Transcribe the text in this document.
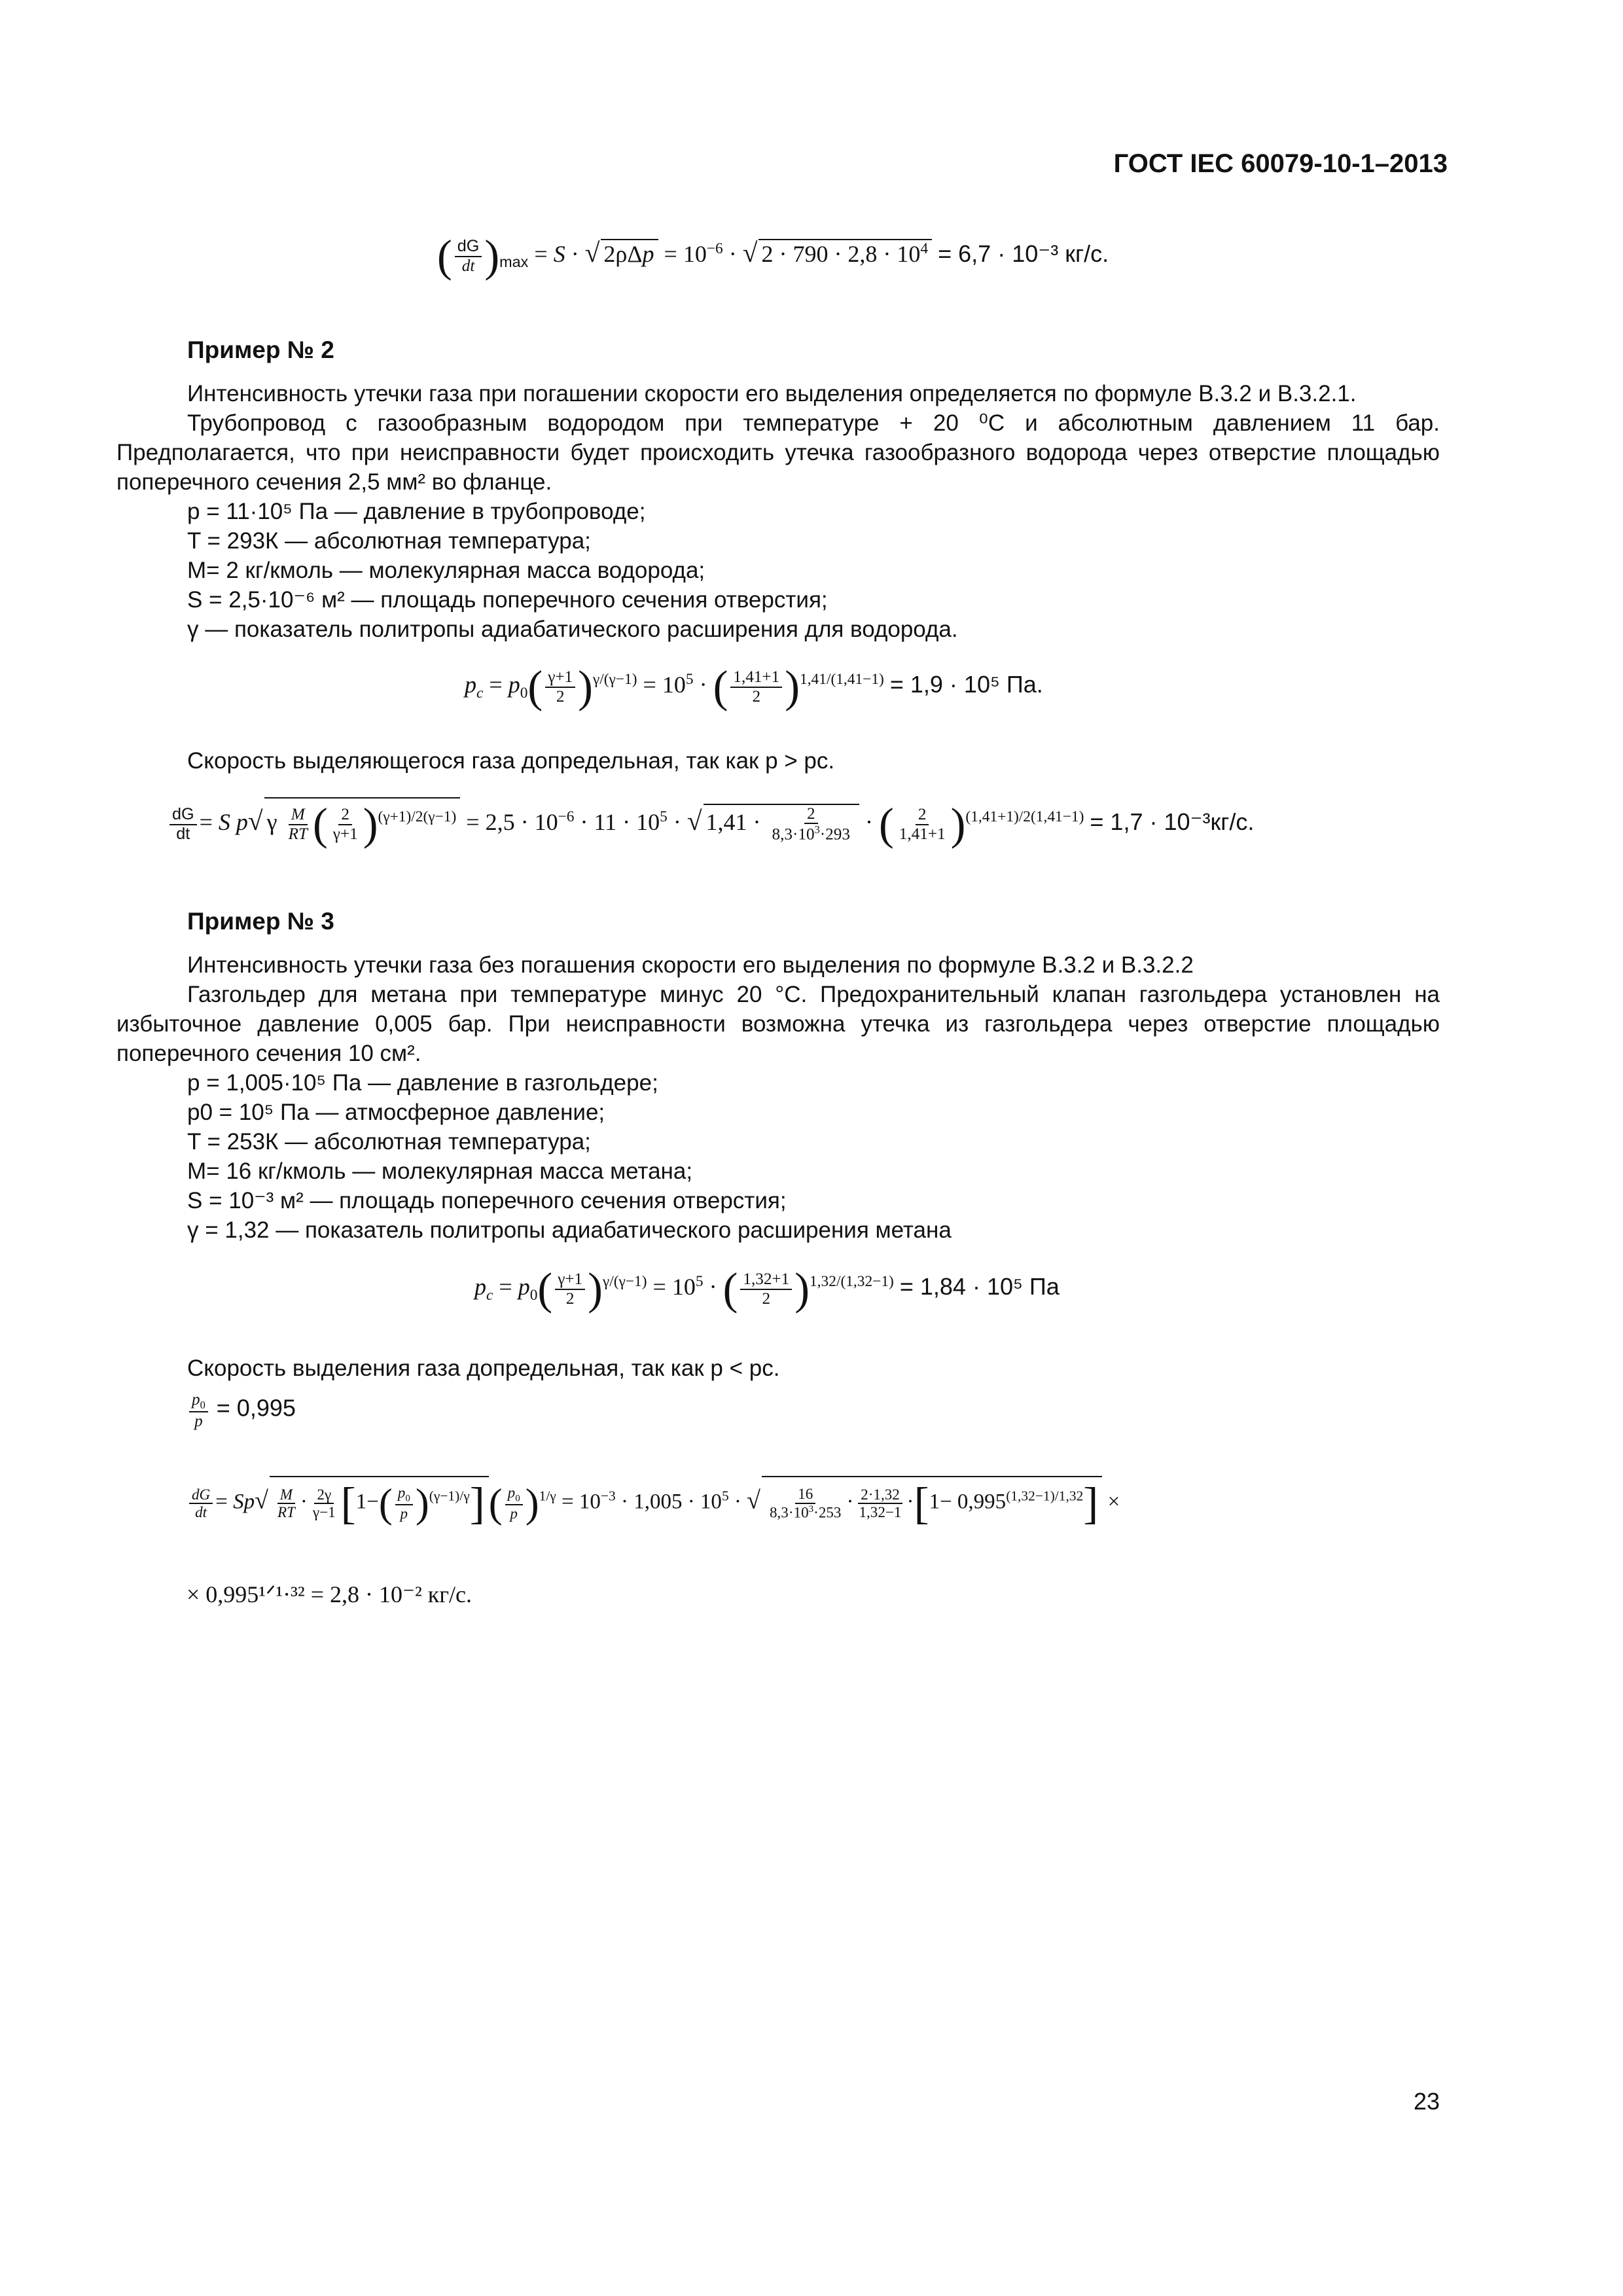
ГОСТ IEC 60079-10-1–2013
( $\frac{dG}{dt} )_{max} = S$ · √ $2\rho\Delta p = 10^{-6}$ · √ $2 \cdot 790 \cdot 2,8 \cdot 10^4 = 6,7 \cdot 10^{-3}$ кг/с.
Пример № 2

Интенсивность утечки газа при погашении скорости его выделения определяется по формуле В.3.2 и В.3.2.1.

Трубопровод с газообразным водородом при температуре + 20 ⁰С и абсолютным давлением 11 бар. Предполагается, что при неисправности будет происходить утечка газообразного водорода через отверстие площадью поперечного сечения 2,5 мм² во фланце.

p = 11·10⁵ Па — давление в трубопроводе;
T = 293К — абсолютная температура;
M= 2 кг/кмоль — молекулярная масса водорода;
S = 2,5·10⁻⁶ м² — площадь поперечного сечения отверстия;
γ — показатель политропы адиабатического расширения для водорода.
$p_c = p_0( \frac{\gamma+1}{2} )^{\gamma/(\gamma-1)} = 10^5$ · ( $\frac{1,41+1}{2} )^{1,41/(1,41-1)} = 1,9 \cdot 10^5$ Па.

Скорость выделяющегося газа допредельная, так как p > pc.

$\frac{dG}{dt} = S$ p√ γ $\frac{M}{RT}$ ( $\frac{2}{\gamma+1} )^{(\gamma+1)/2(\gamma-1)} = 2,5 \cdot 10^{-6} \cdot 11 \cdot 10^5$ · √ $1,41 \cdot \frac{2}{8,3\cdot 10^3\cdot 293}$ · ( $\frac{2}{1,41+1} )^{(1,41+1)/2(1,41-1)} = 1,7 \cdot 10^{-3}кг/с$.
Пример № 3

Интенсивность утечки газа без погашения скорости его выделения по формуле В.3.2 и В.3.2.2

Газгольдер для метана при температуре минус 20 °С. Предохранительный клапан газгольдера установлен на избыточное давление 0,005 бар. При неисправности возможна утечка из газгольдера через отверстие площадью поперечного сечения 10 см².

p = 1,005·10⁵ Па — давление в газгольдере;
p0 = 10⁵ Па — атмосферное давление;
T = 253К — абсолютная температура;
M= 16 кг/кмоль — молекулярная масса метана;
S = 10⁻³ м² — площадь поперечного сечения отверстия;
γ = 1,32 — показатель политропы адиабатического расширения метана
$p_c = p_0( \frac{\gamma+1}{2} )^{\gamma/(\gamma-1)} = 10^5$ · ( $\frac{1,32+1}{2} )^{1,32/(1,32-1)} = 1,84 \cdot 10^5$ Па

Скорость выделения газа допредельная, так как p < pc.

$\frac{p_0}{p} = 0,995$
$\frac{dG}{dt} = Sp√ \frac{M}{RT} \cdot \frac{2\gamma}{\gamma-1} [1-( \frac{p_0}{p} )^{(\gamma-1)/\gamma}]( \frac{p_0}{p} )^{1/\gamma} = 10^{-3} \cdot 1,005 \cdot 10^5$ · √ $\frac{16}{8,3\cdot 10^3\cdot 253} \cdot \frac{2\cdot 1,32}{1,32-1} \cdot[1- 0,995^{(1,32-1)/1,32}]$ ×
× 0,995¹ᐟ¹·³² = 2,8 · 10⁻² кг/с.
23
